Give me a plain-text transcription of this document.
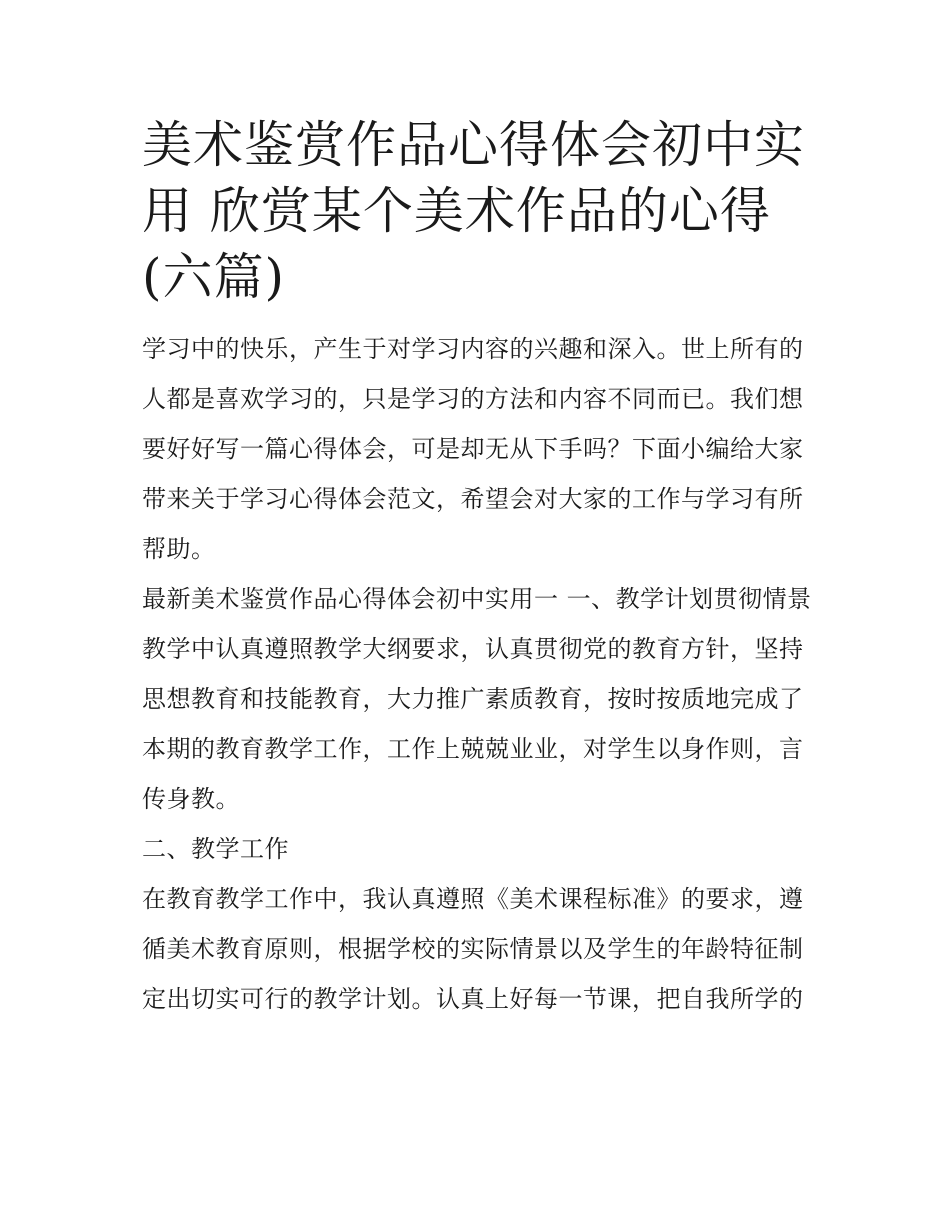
美术鉴赏作品心得体会初中实用 欣赏某个美术作品的心得(六篇)

学习中的快乐，产生于对学习内容的兴趣和深入。世上所有的人都是喜欢学习的，只是学习的方法和内容不同而已。我们想要好好写一篇心得体会，可是却无从下手吗？下面小编给大家带来关于学习心得体会范文，希望会对大家的工作与学习有所帮助。

最新美术鉴赏作品心得体会初中实用一 一、教学计划贯彻情景

教学中认真遵照教学大纲要求，认真贯彻党的教育方针，坚持思想教育和技能教育，大力推广素质教育，按时按质地完成了本期的教育教学工作，工作上兢兢业业，对学生以身作则，言传身教。

二、教学工作

在教育教学工作中，我认真遵照《美术课程标准》的要求，遵循美术教育原则，根据学校的实际情景以及学生的年龄特征制定出切实可行的教学计划。认真上好每一节课，把自我所学的
